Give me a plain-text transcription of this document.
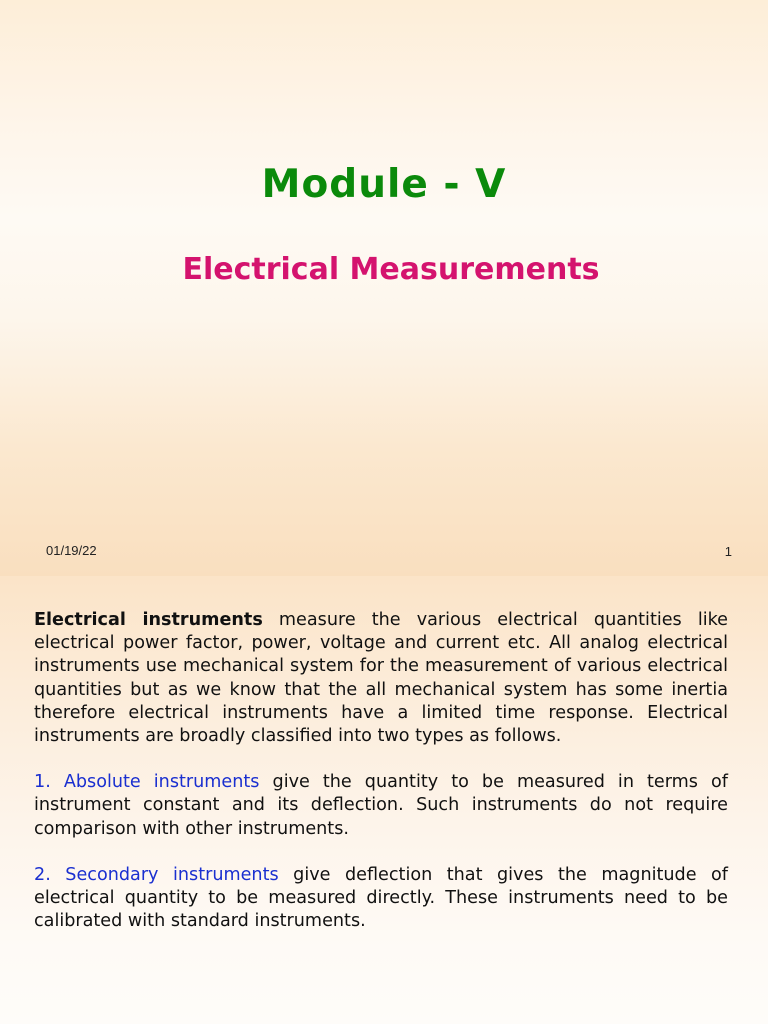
Module - V
Electrical Measurements
01/19/22	1

Electrical instruments measure the various electrical quantities like electrical power factor, power, voltage and current etc. All analog electrical instruments use mechanical system for the measurement of various electrical quantities but as we know that the all mechanical system has some inertia therefore electrical instruments have a limited time response. Electrical instruments are broadly classified into two types as follows.

1. Absolute instruments give the quantity to be measured in terms of instrument constant and its deflection. Such instruments do not require comparison with other instruments.

2. Secondary instruments give deflection that gives the magnitude of electrical quantity to be measured directly. These instruments need to be calibrated with standard instruments.
